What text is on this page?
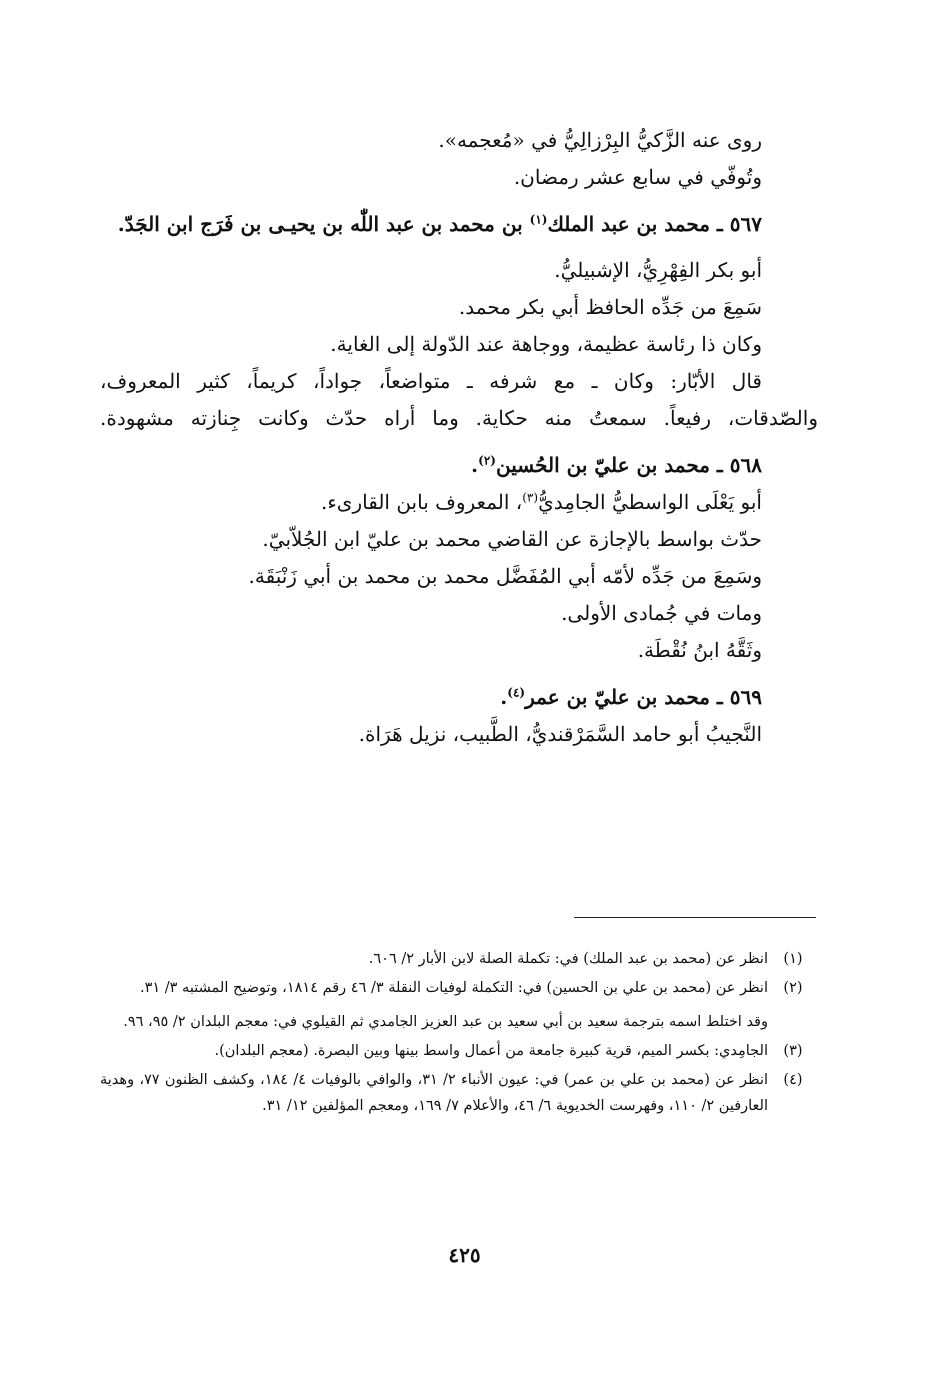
روى عنه الزَّكيُّ البِرْزالِيُّ في «مُعجمه».
وتُوفّي في سابع عشر رمضان.
٥٦٧ ـ محمد بن عبد الملك$^{(١)}$ بن محمد بن عبد اللّٰه بن يحيـى بن فَرَج ابن الجَدّ.
أبو بكر الفِهْرِيُّ، الإشبيليُّ.
سَمِعَ من جَدِّه الحافظ أبي بكر محمد.
وكان ذا رئاسة عظيمة، ووجاهة عند الدّولة إلى الغاية.
قال الأبّار: وكان ـ مع شرفه ـ متواضعاً، جواداً، كريماً، كثير المعروف،
والصّدقات، رفيعاً. سمعتُ منه حكاية. وما أراه حدّث وكانت جِنازته مشهودة.
٥٦٨ ـ محمد بن عليّ بن الحُسين$^{(٢)}$.
أبو يَعْلَى الواسطيُّ الجامِديُّ$^{(٣)}$، المعروف بابن القارىء.
حدّث بواسط بالإجازة عن القاضي محمد بن عليّ ابن الجُلاّبيّ.
وسَمِعَ من جَدِّه لأمّه أبي المُفَضَّل محمد بن محمد بن أبي زَنْبَقَة.
ومات في جُمادى الأولى.
وثَقَّهُ ابنُ نُقْطَة.
٥٦٩ ـ محمد بن عليّ بن عمر$^{(٤)}$.
النَّجيبُ أبو حامد السَّمَرْقنديُّ، الطَّبيب، نزيل هَرَاة.
(١)
انظر عن (محمد بن عبد الملك) في: تكملة الصلة لابن الأبار ٢/ ٦٠٦.
(٢)
انظر عن (محمد بن علي بن الحسين) في: التكملة لوفيات النقلة ٣/ ٤٦ رقم ١٨١٤، وتوضيح المشتبه ٣/ ٣١.
وقد اختلط اسمه بترجمة سعيد بن أبي سعيد بن عبد العزيز الجامدي ثم القيلوي في: معجم البلدان ٢/ ٩٥، ٩٦.
(٣)
الجامِدي: بكسر الميم، قرية كبيرة جامعة من أعمال واسط بينها وبين البصرة. (معجم البلدان).
(٤)
انظر عن (محمد بن علي بن عمر) في: عيون الأنباء ٢/ ٣١، والوافي بالوفيات ٤/ ١٨٤، وكشف الظنون ٧٧، وهدية العارفين ٢/ ١١٠، وفهرست الخديوية ٦/ ٤٦، والأعلام ٧/ ١٦٩، ومعجم المؤلفين ١٢/ ٣١.
٤٢٥
